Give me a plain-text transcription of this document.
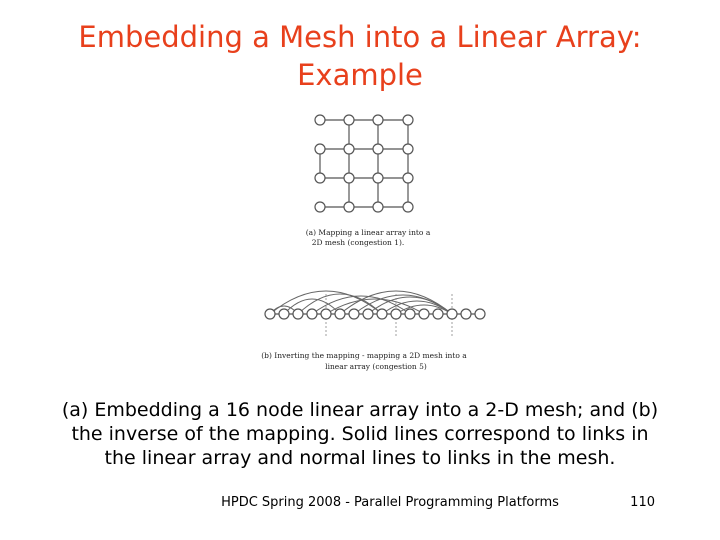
Embedding a Mesh into a Linear Array:
Example
(a) Mapping a linear array into a
2D mesh (congestion 1).
(b) Inverting the mapping - mapping a 2D mesh into a
linear array (congestion 5)
(a) Embedding a 16 node linear array into a 2-D mesh; and (b)
the inverse of the mapping. Solid lines correspond to links in
the linear array and normal lines to links in the mesh.
HPDC Spring 2008 - Parallel Programming Platforms	110
